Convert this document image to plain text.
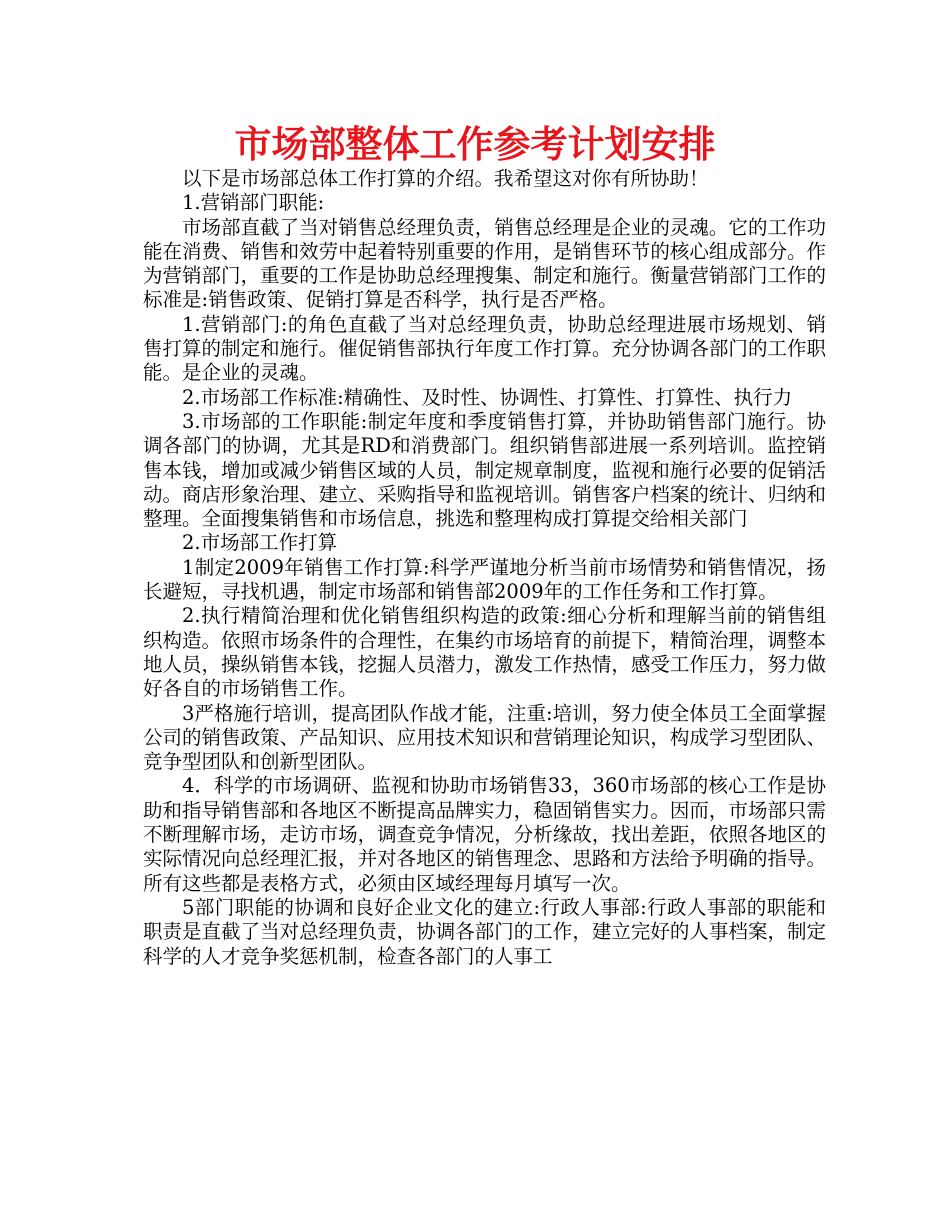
市场部整体工作参考计划安排

以下是市场部总体工作打算的介绍。我希望这对你有所协助！

1.营销部门职能:

市场部直截了当对销售总经理负责，销售总经理是企业的灵魂。它的工作功能在消费、销售和效劳中起着特别重要的作用，是销售环节的核心组成部分。作为营销部门，重要的工作是协助总经理搜集、制定和施行。衡量营销部门工作的标准是:销售政策、促销打算是否科学，执行是否严格。

1.营销部门:的角色直截了当对总经理负责，协助总经理进展市场规划、销售打算的制定和施行。催促销售部执行年度工作打算。充分协调各部门的工作职能。是企业的灵魂。

2.市场部工作标准:精确性、及时性、协调性、打算性、打算性、执行力

3.市场部的工作职能:制定年度和季度销售打算，并协助销售部门施行。协调各部门的协调，尤其是RD和消费部门。组织销售部进展一系列培训。监控销售本钱，增加或减少销售区域的人员，制定规章制度，监视和施行必要的促销活动。商店形象治理、建立、采购指导和监视培训。销售客户档案的统计、归纳和整理。全面搜集销售和市场信息，挑选和整理构成打算提交给相关部门

2.市场部工作打算

1制定2009年销售工作打算:科学严谨地分析当前市场情势和销售情况，扬长避短，寻找机遇，制定市场部和销售部2009年的工作任务和工作打算。

2.执行精简治理和优化销售组织构造的政策:细心分析和理解当前的销售组织构造。依照市场条件的合理性，在集约市场培育的前提下，精简治理，调整本地人员，操纵销售本钱，挖掘人员潜力，激发工作热情，感受工作压力，努力做好各自的市场销售工作。

3严格施行培训，提高团队作战才能，注重:培训，努力使全体员工全面掌握公司的销售政策、产品知识、应用技术知识和营销理论知识，构成学习型团队、竞争型团队和创新型团队。

4．科学的市场调研、监视和协助市场销售33，360市场部的核心工作是协助和指导销售部和各地区不断提高品牌实力，稳固销售实力。因而，市场部只需不断理解市场，走访市场，调查竞争情况，分析缘故，找出差距，依照各地区的实际情况向总经理汇报，并对各地区的销售理念、思路和方法给予明确的指导。所有这些都是表格方式，必须由区域经理每月填写一次。

5部门职能的协调和良好企业文化的建立:行政人事部:行政人事部的职能和职责是直截了当对总经理负责，协调各部门的工作，建立完好的人事档案，制定科学的人才竞争奖惩机制，检查各部门的人事工
